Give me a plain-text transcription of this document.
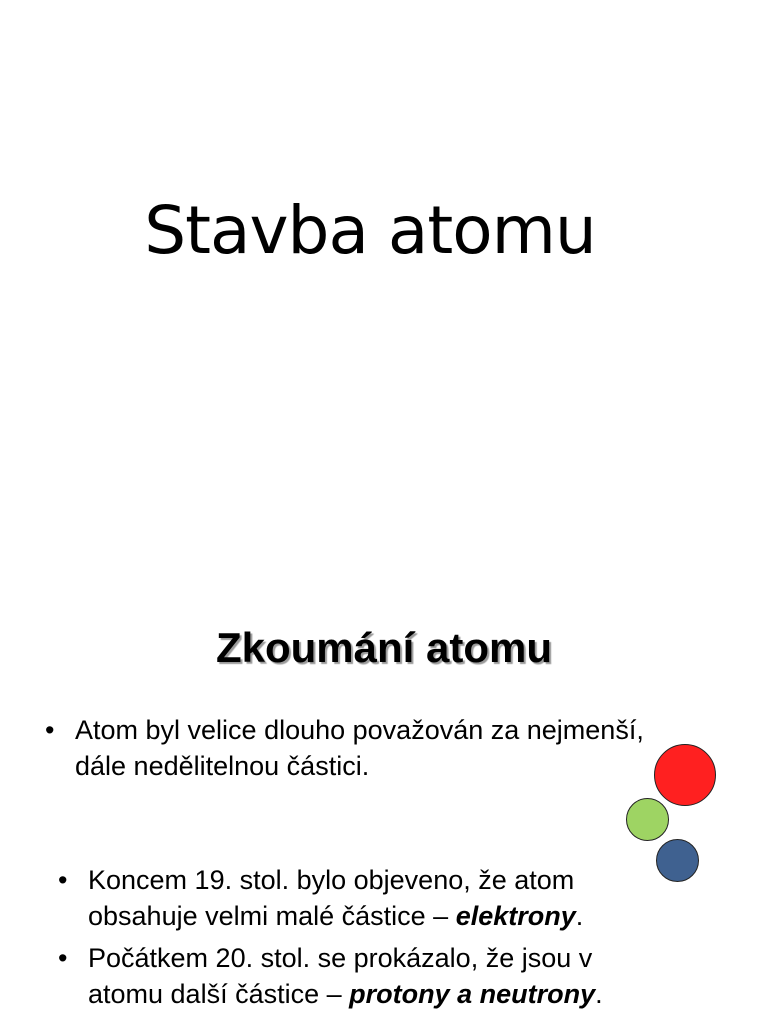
Stavba atomu
Zkoumání atomu
• Atom byl velice dlouho považován za nejmenší,
dále nedělitelnou částici.
• Koncem 19. stol. bylo objeveno, že atom
obsahuje velmi malé částice – elektrony.
• Počátkem 20. stol. se prokázalo, že jsou v
atomu další částice – protony a neutrony.
